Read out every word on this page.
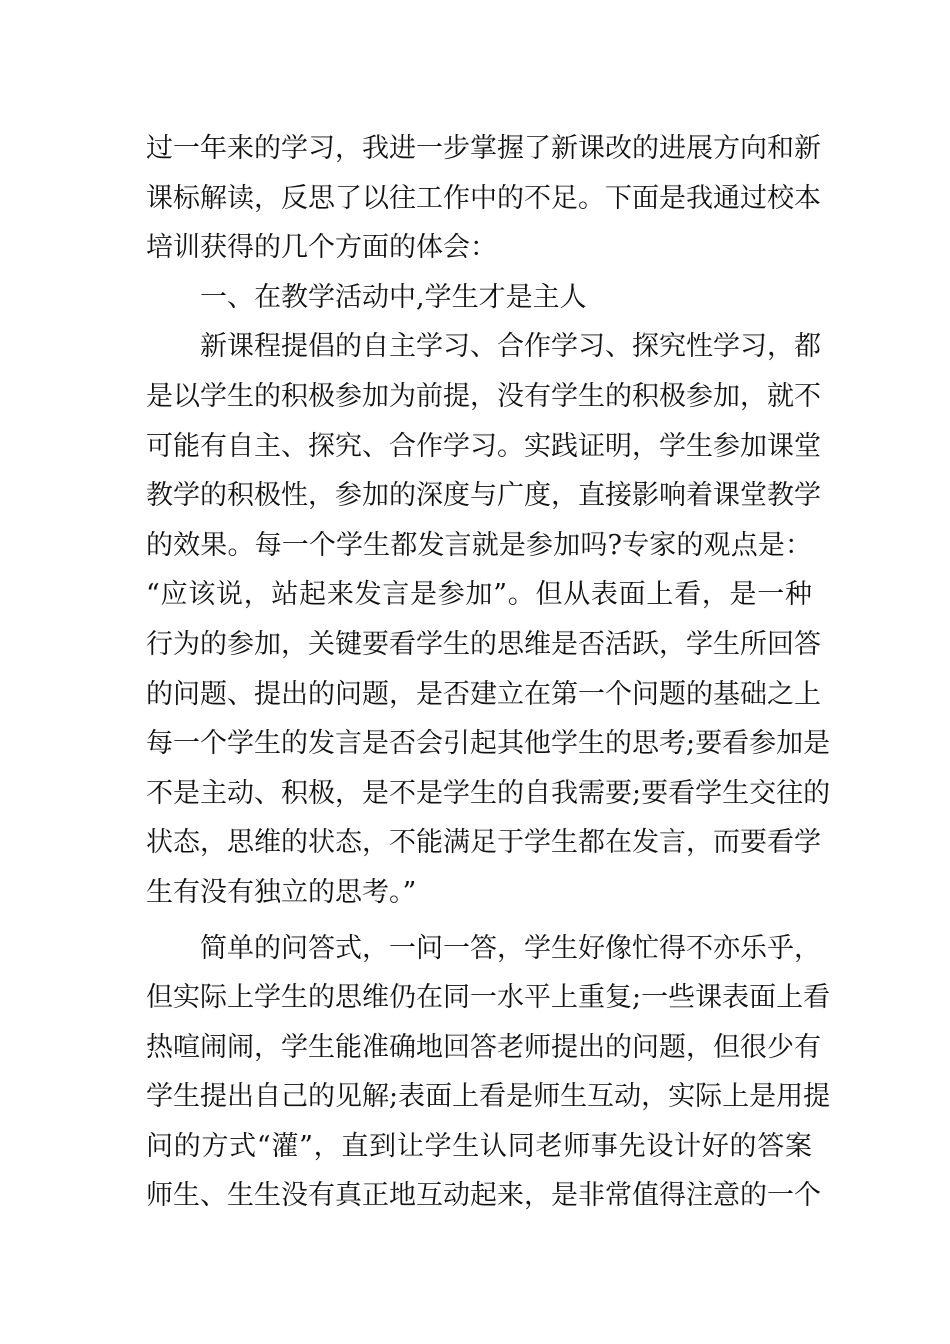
过一年来的学习，我进一步掌握了新课改的进展方向和新
课标解读，反思了以往工作中的不足。下面是我通过校本
培训获得的几个方面的体会：
一、在教学活动中,学生才是主人
新课程提倡的自主学习、合作学习、探究性学习，都
是以学生的积极参加为前提，没有学生的积极参加，就不
可能有自主、探究、合作学习。实践证明，学生参加课堂
教学的积极性，参加的深度与广度，直接影响着课堂教学
的效果。每一个学生都发言就是参加吗?专家的观点是：
“应该说，站起来发言是参加”。但从表面上看，是一种
行为的参加，关键要看学生的思维是否活跃，学生所回答
的问题、提出的问题，是否建立在第一个问题的基础之上
每一个学生的发言是否会引起其他学生的思考;要看参加是
不是主动、积极，是不是学生的自我需要;要看学生交往的
状态，思维的状态，不能满足于学生都在发言，而要看学
生有没有独立的思考。”
简单的问答式，一问一答，学生好像忙得不亦乐乎，
但实际上学生的思维仍在同一水平上重复;一些课表面上看
热喧闹闹，学生能准确地回答老师提出的问题，但很少有
学生提出自己的见解;表面上看是师生互动，实际上是用提
问的方式“灌”，直到让学生认同老师事先设计好的答案
师生、生生没有真正地互动起来，是非常值得注意的一个
